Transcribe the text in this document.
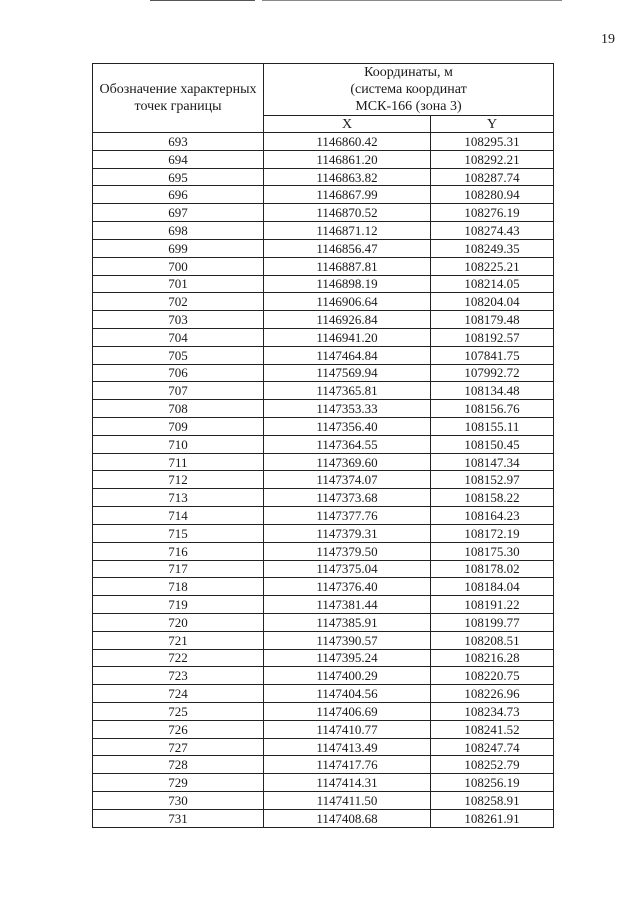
19
Обозначение характерных точек границы	Координаты, м
(система координат
МСК-166 (зона 3)	

	X	Y
693	1146860.42	108295.31
694	1146861.20	108292.21
695	1146863.82	108287.74
696	1146867.99	108280.94
697	1146870.52	108276.19
698	1146871.12	108274.43
699	1146856.47	108249.35
700	1146887.81	108225.21
701	1146898.19	108214.05
702	1146906.64	108204.04
703	1146926.84	108179.48
704	1146941.20	108192.57
705	1147464.84	107841.75
706	1147569.94	107992.72
707	1147365.81	108134.48
708	1147353.33	108156.76
709	1147356.40	108155.11
710	1147364.55	108150.45
711	1147369.60	108147.34
712	1147374.07	108152.97
713	1147373.68	108158.22
714	1147377.76	108164.23
715	1147379.31	108172.19
716	1147379.50	108175.30
717	1147375.04	108178.02
718	1147376.40	108184.04
719	1147381.44	108191.22
720	1147385.91	108199.77
721	1147390.57	108208.51
722	1147395.24	108216.28
723	1147400.29	108220.75
724	1147404.56	108226.96
725	1147406.69	108234.73
726	1147410.77	108241.52
727	1147413.49	108247.74
728	1147417.76	108252.79
729	1147414.31	108256.19
730	1147411.50	108258.91
731	1147408.68	108261.91
